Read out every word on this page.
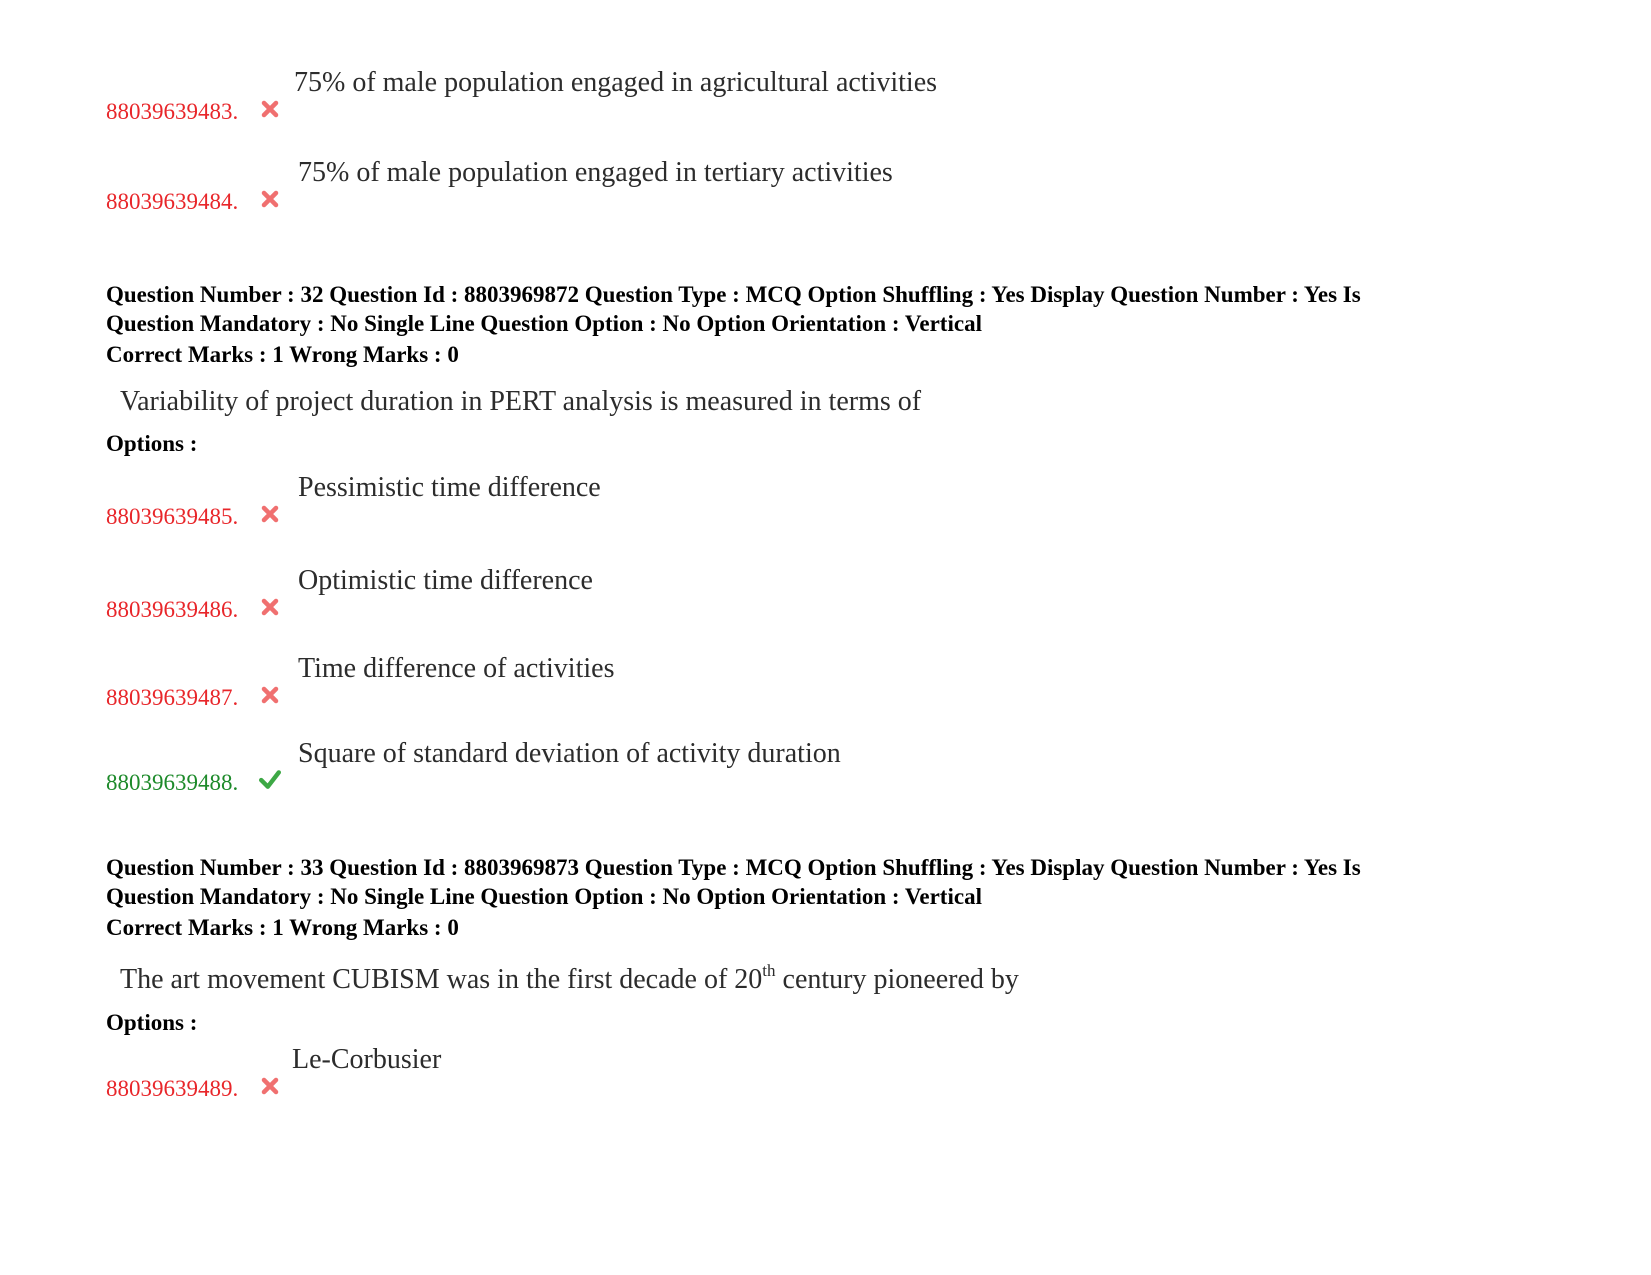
88039639483.
75% of male population engaged in agricultural activities
88039639484.
75% of male population engaged in tertiary activities
Question Number : 32 Question Id : 8803969872 Question Type : MCQ Option Shuffling : Yes Display Question Number : Yes Is
Question Mandatory : No Single Line Question Option : No Option Orientation : Vertical
Correct Marks : 1 Wrong Marks : 0
Variability of project duration in PERT analysis is measured in terms of
Options :
88039639485.
Pessimistic time difference
88039639486.
Optimistic time difference
88039639487.
Time difference of activities
88039639488.
Square of standard deviation of activity duration
Question Number : 33 Question Id : 8803969873 Question Type : MCQ Option Shuffling : Yes Display Question Number : Yes Is
Question Mandatory : No Single Line Question Option : No Option Orientation : Vertical
Correct Marks : 1 Wrong Marks : 0
The art movement CUBISM was in the first decade of 20th century pioneered by
Options :
88039639489.
Le-Corbusier
